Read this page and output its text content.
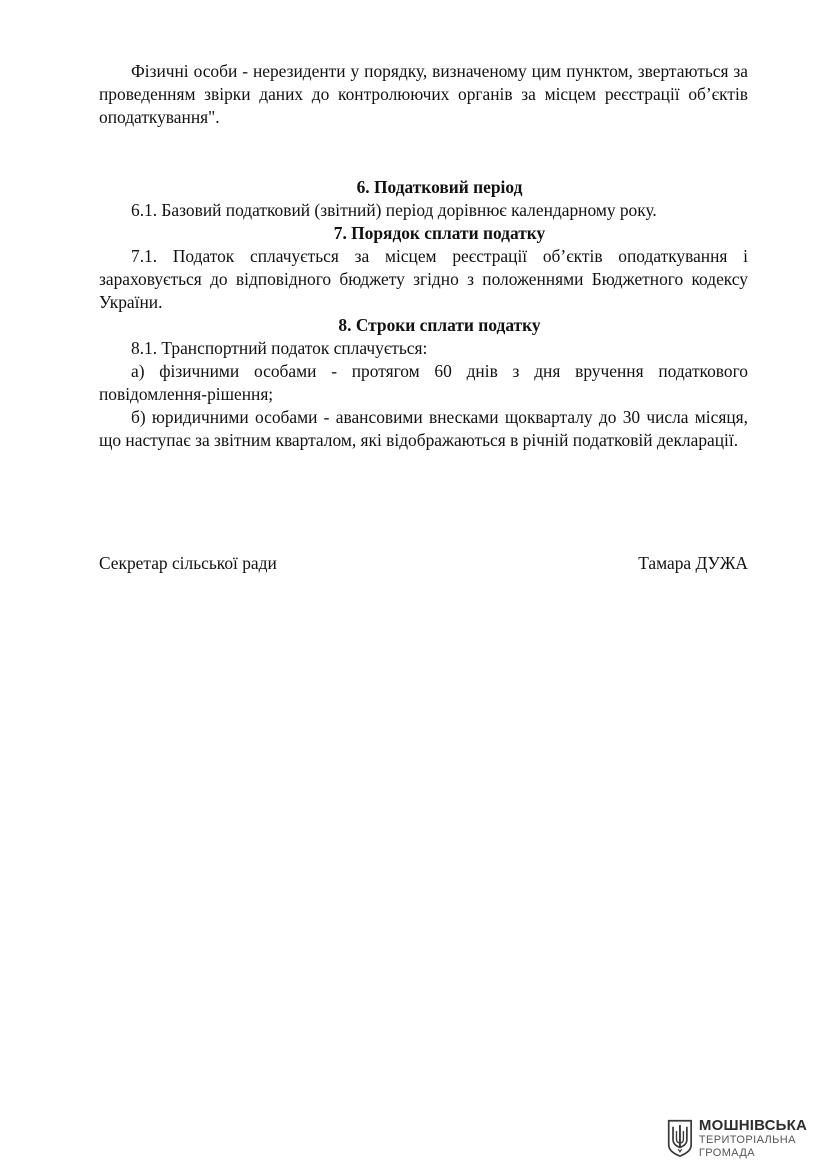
Фізичні особи - нерезиденти у порядку, визначеному цим пунктом, звертаються за проведенням звірки даних до контролюючих органів за місцем реєстрації об’єктів оподаткування".

6. Податковий період

6.1. Базовий податковий (звітний) період дорівнює календарному року.

7. Порядок сплати податку

7.1. Податок сплачується за місцем реєстрації об’єктів оподаткування і зараховується до відповідного бюджету згідно з положеннями Бюджетного кодексу України.

8. Строки сплати податку

8.1. Транспортний податок сплачується:

а) фізичними особами - протягом 60 днів з дня вручення податкового повідомлення-рішення;

б) юридичними особами - авансовими внесками щокварталу до 30 числа місяця, що наступає за звітним кварталом, які відображаються в річній податковій декларації.

Секретар сільської ради	Тамара ДУЖА
МОШНІВСЬКА
ТЕРИТОРІАЛЬНА
ГРОМАДА
